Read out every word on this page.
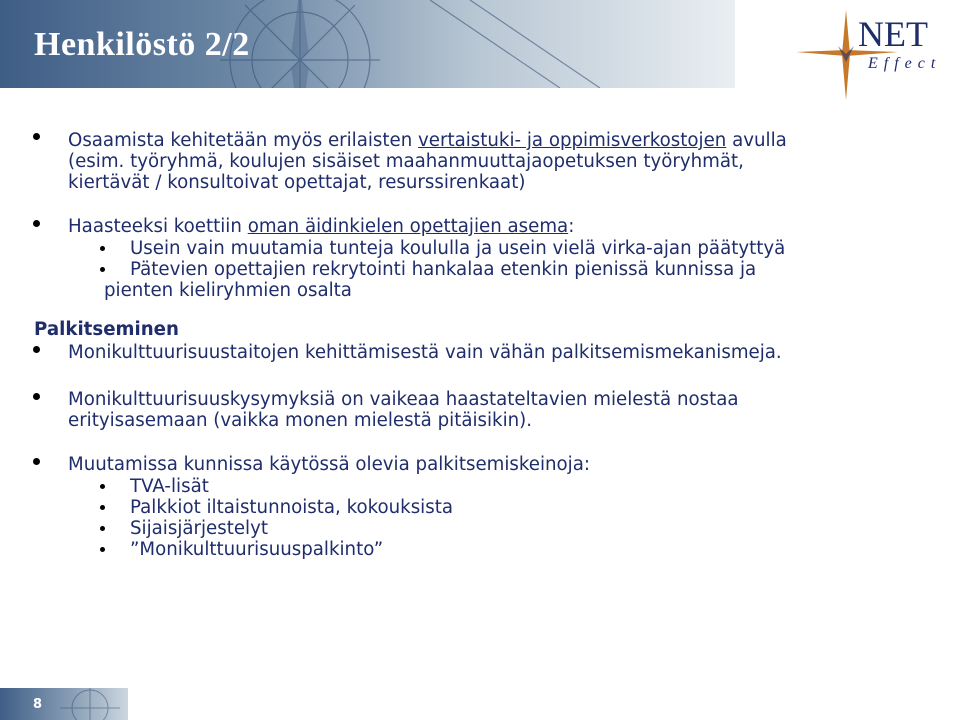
Henkilöstö 2/2	NET
Effect
Osaamista kehitetään myös erilaisten vertaistuki- ja oppimisverkostojen avulla
(esim. työryhmä, koulujen sisäiset maahanmuuttajaopetuksen työryhmät,
kiertävät / konsultoivat opettajat, resurssirenkaat)
Haasteeksi koettiin oman äidinkielen opettajien asema:
Usein vain muutamia tunteja koululla ja usein vielä virka-ajan päätyttyä
Pätevien opettajien rekrytointi hankalaa etenkin pienissä kunnissa ja
pienten kieliryhmien osalta
Palkitseminen
Monikulttuurisuustaitojen kehittämisestä vain vähän palkitsemismekanismeja.
Monikulttuurisuuskysymyksiä on vaikeaa haastateltavien mielestä nostaa
erityisasemaan (vaikka monen mielestä pitäisikin).
Muutamissa kunnissa käytössä olevia palkitsemiskeinoja:
TVA-lisät
Palkkiot iltaistunnoista, kokouksista
Sijaisjärjestelyt
”Monikulttuurisuuspalkinto”
8
